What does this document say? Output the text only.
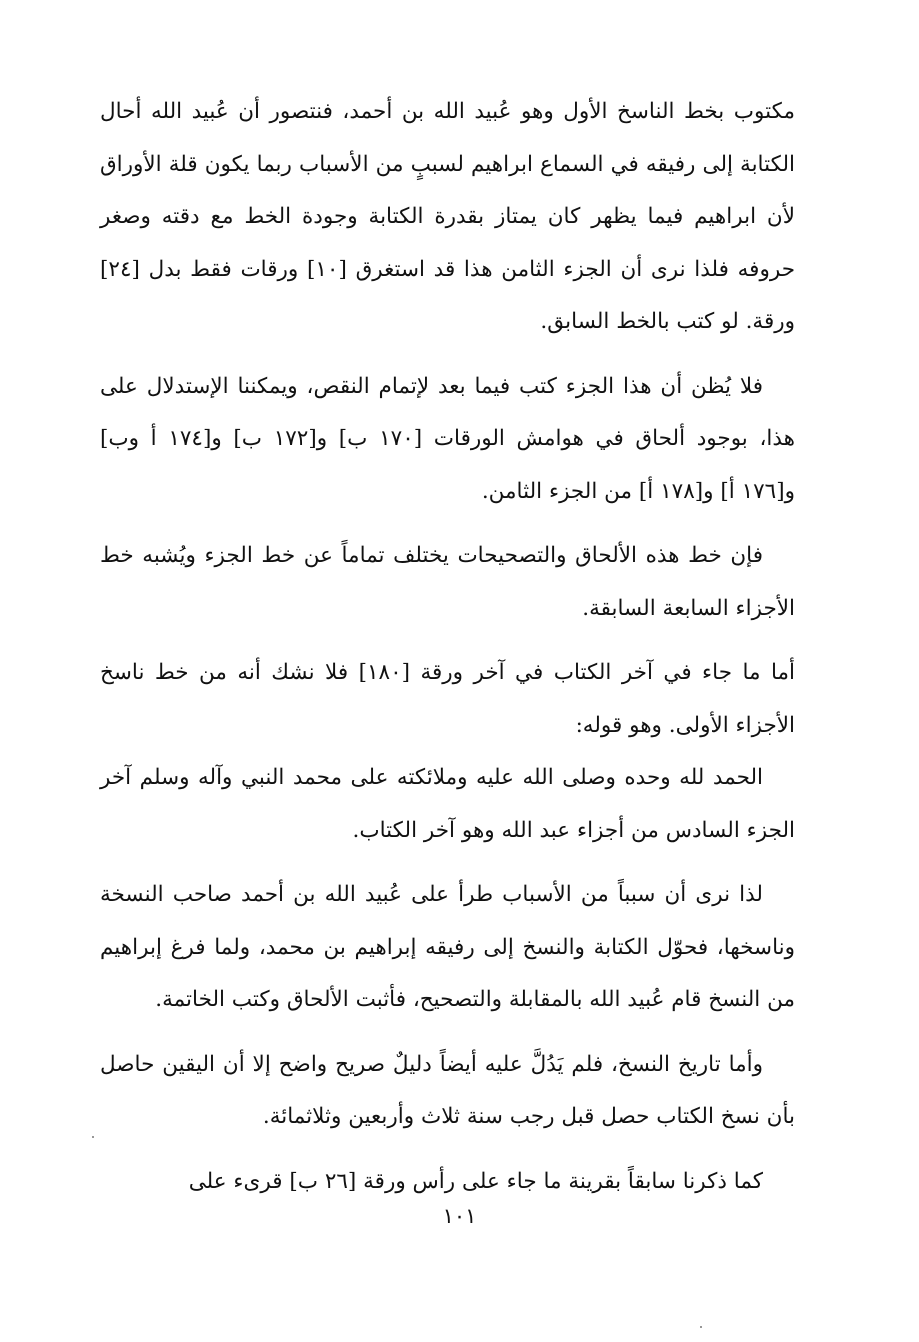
مكتوب بخط الناسخ الأول وهو عُبيد الله بن أحمد، فنتصور أن عُبيد الله أحال الكتابة إلى رفيقه في السماع ابراهيم لسببٍ من الأسباب ربما يكون قلة الأوراق لأن ابراهيم فيما يظهر كان يمتاز بقدرة الكتابة وجودة الخط مع دقته وصغر حروفه فلذا نرى أن الجزء الثامن هذا قد استغرق [١٠] ورقات فقط بدل [٢٤] ورقة. لو كتب بالخط السابق.

فلا يُظن أن هذا الجزء كتب فيما بعد لإتمام النقص، ويمكننا الإستدلال على هذا، بوجود ألحاق في هوامش الورقات [١٧٠ ب] و[١٧٢ ب] و[١٧٤ أ وب] و[١٧٦ أ] و[١٧٨ أ] من الجزء الثامن.

فإن خط هذه الألحاق والتصحيحات يختلف تماماً عن خط الجزء ويُشبه خط الأجزاء السابعة السابقة.

أما ما جاء في آخر الكتاب في آخر ورقة [١٨٠] فلا نشك أنه من خط ناسخ الأجزاء الأولى. وهو قوله:

الحمد لله وحده وصلى الله عليه وملائكته على محمد النبي وآله وسلم آخر الجزء السادس من أجزاء عبد الله وهو آخر الكتاب.

لذا نرى أن سبباً من الأسباب طرأ على عُبيد الله بن أحمد صاحب النسخة وناسخها، فحوّل الكتابة والنسخ إلى رفيقه إبراهيم بن محمد، ولما فرغ إبراهيم من النسخ قام عُبيد الله بالمقابلة والتصحيح، فأثبت الألحاق وكتب الخاتمة.

وأما تاريخ النسخ، فلم يَدُلَّ عليه أيضاً دليلٌ صريح واضح إلا أن اليقين حاصل بأن نسخ الكتاب حصل قبل رجب سنة ثلاث وأربعين وثلاثمائة.

كما ذكرنا سابقاً بقرينة ما جاء على رأس ورقة [٢٦ ب] قرىء على

١٠١
